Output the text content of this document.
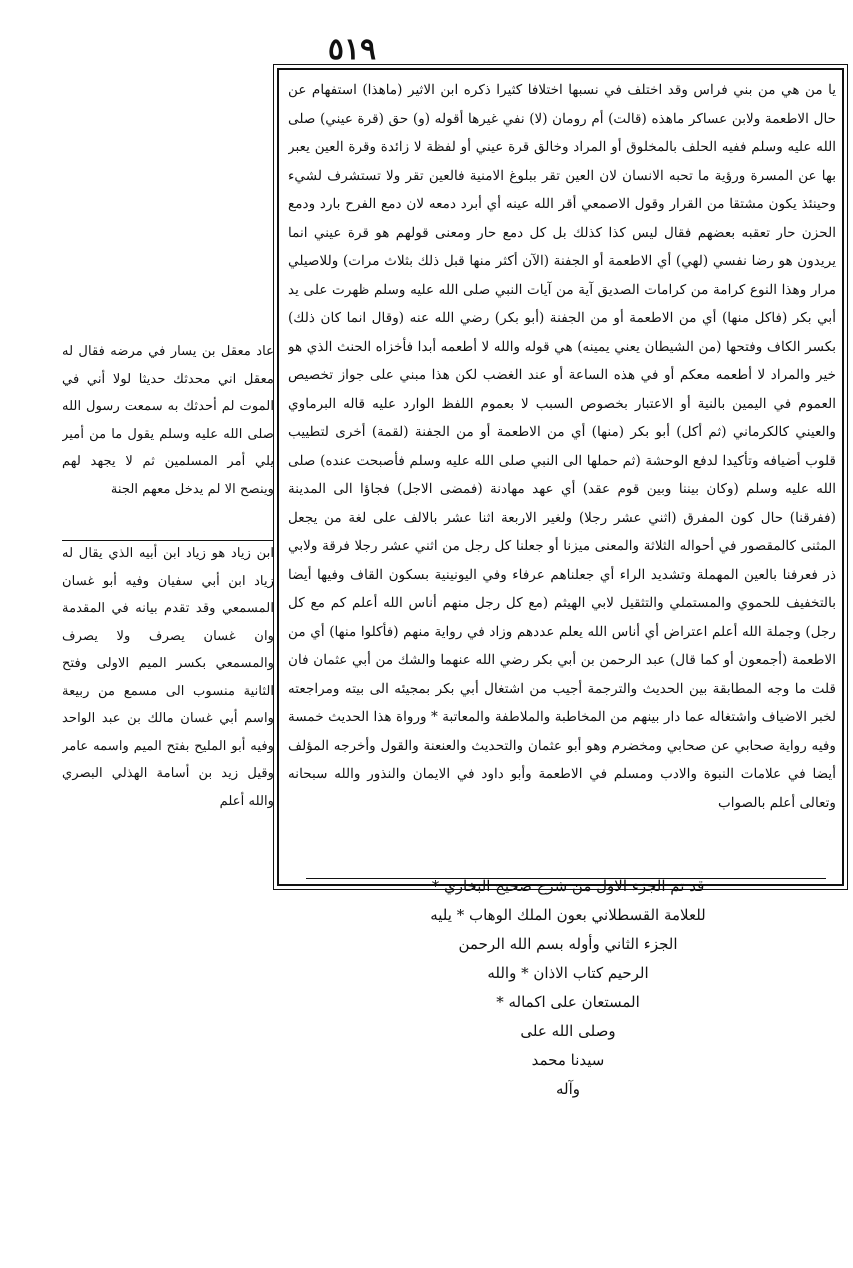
٥١٩

يا من هي من بني فراس وقد اختلف في نسبها اختلافا كثيرا ذكره ابن الاثير (ماهذا) استفهام عن حال الاطعمة ولابن عساكر ماهذه (قالت) أم رومان (لا) نفي غيرها أقوله (و) حق (قرة عيني) صلى الله عليه وسلم ففيه الحلف بالمخلوق أو المراد وخالق قرة عيني أو لفظة لا زائدة وقرة العين يعبر بها عن المسرة ورؤية ما تحبه الانسان لان العين تقر ببلوغ الامنية فالعين تقر ولا تستشرف لشيء وحينئذ يكون مشتقا من القرار وقول الاصمعي أقر الله عينه أي أبرد دمعه لان دمع الفرح بارد ودمع الحزن حار تعقبه بعضهم فقال ليس كذا كذلك بل كل دمع حار ومعنى قولهم هو قرة عيني انما يريدون هو رضا نفسي (لهي) أي الاطعمة أو الجفنة (الآن أكثر منها قبل ذلك بثلاث مرات) وللاصيلي مرار وهذا النوع كرامة من كرامات الصديق آية من آيات النبي صلى الله عليه وسلم ظهرت على يد أبي بكر (فاكل منها) أي من الاطعمة أو من الجفنة (أبو بكر) رضي الله عنه (وقال انما كان ذلك) بكسر الكاف وفتحها (من الشيطان يعني يمينه) هي قوله والله لا أطعمه أبدا فأخزاه الحنث الذي هو خير والمراد لا أطعمه معكم أو في هذه الساعة أو عند الغضب لكن هذا مبني على جواز تخصيص العموم في اليمين بالنية أو الاعتبار بخصوص السبب لا بعموم اللفظ الوارد عليه قاله البرماوي والعيني كالكرماني (ثم أكل) أبو بكر (منها) أي من الاطعمة أو من الجفنة (لقمة) أخرى لتطييب قلوب أضيافه وتأكيدا لدفع الوحشة (ثم حملها الى النبي صلى الله عليه وسلم فأصبحت عنده) صلى الله عليه وسلم (وكان بيننا وبين قوم عقد) أي عهد مهادنة (فمضى الاجل) فجاؤا الى المدينة (ففرقنا) حال كون المفرق (اثني عشر رجلا) ولغير الاربعة اثنا عشر بالالف على لغة من يجعل المثنى كالمقصور في أحواله الثلاثة والمعنى ميزنا أو جعلنا كل رجل من اثني عشر رجلا فرقة ولابي ذر فعرفنا بالعين المهملة وتشديد الراء أي جعلناهم عرفاء وفي اليونينية بسكون القاف وفيها أيضا بالتخفيف للحموي والمستملي والتثقيل لابي الهيثم (مع كل رجل منهم أناس الله أعلم كم مع كل رجل) وجملة الله أعلم اعتراض أي أناس الله يعلم عددهم وزاد في رواية منهم (فأكلوا منها) أي من الاطعمة (أجمعون أو كما قال) عبد الرحمن بن أبي بكر رضي الله عنهما والشك من أبي عثمان فان قلت ما وجه المطابقة بين الحديث والترجمة أجيب من اشتغال أبي بكر بمجيئه الى بيته ومراجعته لخبر الاضياف واشتغاله عما دار بينهم من المخاطبة والملاطفة والمعاتبة * ورواة هذا الحديث خمسة وفيه رواية صحابي عن صحابي ومخضرم وهو أبو عثمان والتحديث والعنعنة والقول وأخرجه المؤلف أيضا في علامات النبوة والادب ومسلم في الاطعمة وأبو داود في الايمان والنذور والله سبحانه وتعالى أعلم بالصواب

قد تم الجزء الاول من شرح صحيح البخاري *
للعلامة القسطلاني بعون الملك الوهاب * يليه
الجزء الثاني وأوله بسم الله الرحمن
الرحيم كتاب الاذان * والله
المستعان على اكماله *
وصلى الله على
سيدنا محمد
وآله
عاد معقل بن يسار في مرضه فقال له معقل اني محدثك حديثا لولا أني في الموت لم أحدثك به سمعت رسول الله صلى الله عليه وسلم يقول ما من أمير يلي أمر المسلمين ثم لا يجهد لهم وينصح الا لم يدخل معهم الجنة
ابن زياد هو زياد ابن أبيه الذي يقال له زياد ابن أبي سفيان وفيه أبو غسان المسمعي وقد تقدم بيانه في المقدمة وان غسان يصرف ولا يصرف والمسمعي بكسر الميم الاولى وفتح الثانية منسوب الى مسمع من ربيعة واسم أبي غسان مالك بن عبد الواحد وفيه أبو المليح بفتح الميم واسمه عامر وقيل زيد بن أسامة الهذلي البصري والله أعلم
